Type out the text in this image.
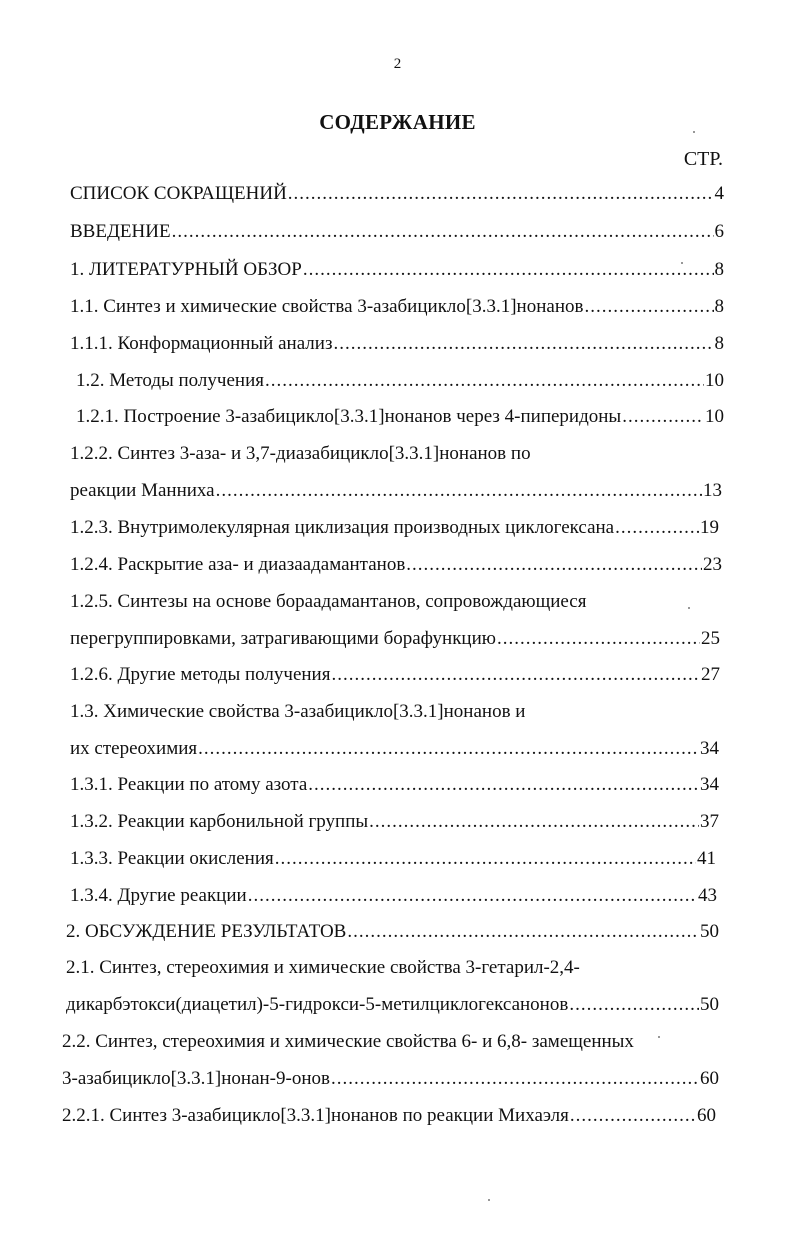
2
СОДЕРЖАНИЕ
СТР.
СПИСОК СОКРАЩЕНИЙ .....	4
ВВЕДЕНИЕ .....	6
1. ЛИТЕРАТУРНЫЙ ОБЗОР .....	8
1.1. Синтез и химические свойства 3-азабицикло[3.3.1]нонанов .....	8
1.1.1. Конформационный анализ .....	8
1.2. Методы получения .....	10
1.2.1. Построение 3-азабицикло[3.3.1]нонанов через 4-пиперидоны .....	10
1.2.2. Синтез 3-аза- и 3,7-диазабицикло[3.3.1]нонанов по
реакции Манниха .....	13
1.2.3. Внутримолекулярная циклизация производных циклогексана .....	19
1.2.4. Раскрытие аза- и диазаадамантанов .....	23
1.2.5. Синтезы на основе бораадамантанов, сопровождающиеся
перегруппировками, затрагивающими борафункцию .....	25
1.2.6. Другие методы получения .....	27
1.3. Химические свойства 3-азабицикло[3.3.1]нонанов и
их стереохимия .....	34
1.3.1. Реакции по атому азота .....	34
1.3.2. Реакции карбонильной группы .....	37
1.3.3. Реакции окисления .....	41
1.3.4. Другие реакции .....	43
2. ОБСУЖДЕНИЕ РЕЗУЛЬТАТОВ .....	50
2.1. Синтез, стереохимия и химические свойства 3-гетарил-2,4-
дикарбэтокси(диацетил)-5-гидрокси-5-метилциклогексанонов .....	50
2.2. Синтез, стереохимия и химические свойства 6- и 6,8- замещенных
3-азабицикло[3.3.1]нонан-9-онов .....	60
2.2.1. Синтез 3-азабицикло[3.3.1]нонанов по реакции Михаэля .....	60
